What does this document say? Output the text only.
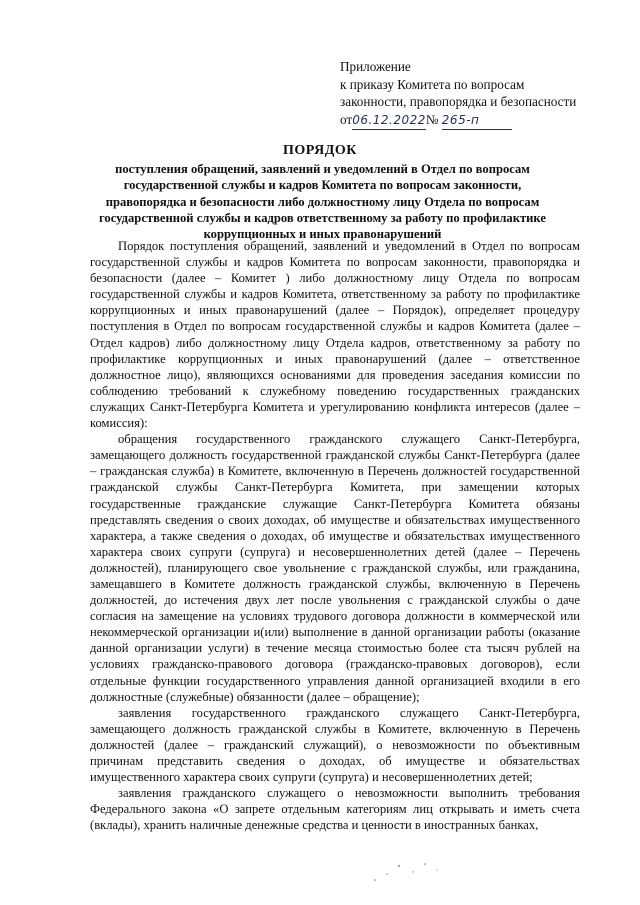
Приложение
к приказу Комитета по вопросам
законности, правопорядка и безопасности
от06.12.2022№ 265-п
ПОРЯДОК
поступления обращений, заявлений и уведомлений в Отдел по вопросам
государственной службы и кадров Комитета по вопросам законности,
правопорядка и безопасности либо должностному лицу Отдела по вопросам
государственной службы и кадров ответственному за работу по профилактике
коррупционных и иных правонарушений

Порядок поступления обращений, заявлений и уведомлений в Отдел по вопросам государственной службы и кадров Комитета по вопросам законности, правопорядка и безопасности (далее – Комитет ) либо должностному лицу Отдела по вопросам государственной службы и кадров Комитета, ответственному за работу по профилактике коррупционных и иных правонарушений (далее – Порядок), определяет процедуру поступления в Отдел по вопросам государственной службы и кадров Комитета (далее – Отдел кадров) либо должностному лицу Отдела кадров, ответственному за работу по профилактике коррупционных и иных правонарушений (далее – ответственное должностное лицо), являющихся основаниями для проведения заседания комиссии по соблюдению требований к служебному поведению государственных гражданских служащих Санкт-Петербурга Комитета и урегулированию конфликта интересов (далее – комиссия):

обращения государственного гражданского служащего Санкт-Петербурга, замещающего должность государственной гражданской службы Санкт-Петербурга (далее – гражданская служба) в Комитете, включенную в Перечень должностей государственной гражданской службы Санкт-Петербурга Комитета, при замещении которых государственные гражданские служащие Санкт-Петербурга Комитета обязаны представлять сведения о своих доходах, об имуществе и обязательствах имущественного характера, а также сведения о доходах, об имуществе и обязательствах имущественного характера своих супруги (супруга) и несовершеннолетних детей (далее – Перечень должностей), планирующего свое увольнение с гражданской службы, или гражданина, замещавшего в Комитете должность гражданской службы, включенную в Перечень должностей, до истечения двух лет после увольнения с гражданской службы о даче согласия на замещение на условиях трудового договора должности в коммерческой или некоммерческой организации и(или) выполнение в данной организации работы (оказание данной организации услуги) в течение месяца стоимостью более ста тысяч рублей на условиях гражданско-правового договора (гражданско-правовых договоров), если отдельные функции государственного управления данной организацией входили в его должностные (служебные) обязанности (далее – обращение);

заявления государственного гражданского служащего Санкт-Петербурга, замещающего должность гражданской службы в Комитете, включенную в Перечень должностей (далее – гражданский служащий), о невозможности по объективным причинам представить сведения о доходах, об имуществе и обязательствах имущественного характера своих супруги (супруга) и несовершеннолетних детей;

заявления гражданского служащего о невозможности выполнить требования Федерального закона «О запрете отдельным категориям лиц открывать и иметь счета (вклады), хранить наличные денежные средства и ценности в иностранных банках,
